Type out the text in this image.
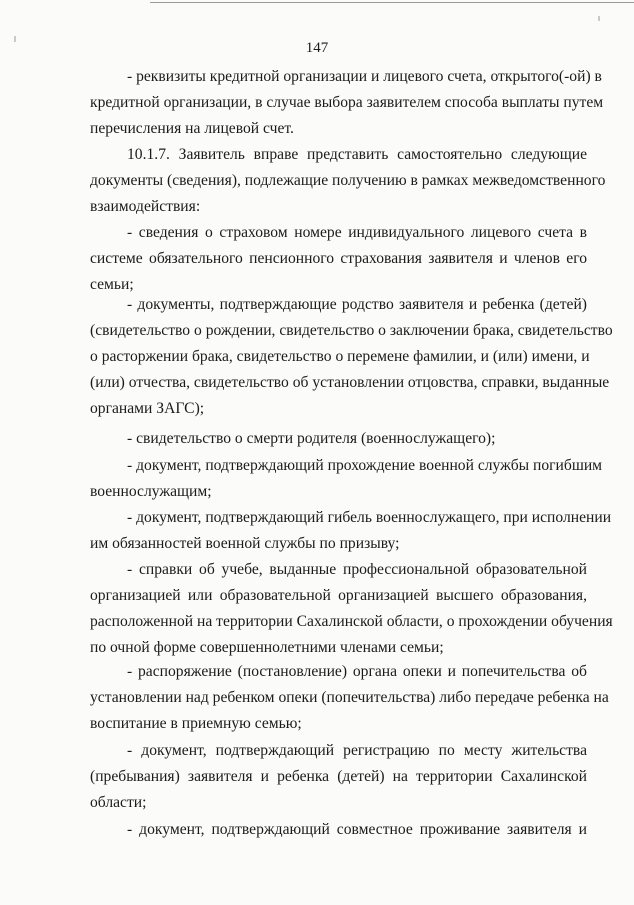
147

- реквизиты кредитной организации и лицевого счета, открытого(-ой) в
кредитной организации, в случае выбора заявителем способа выплаты путем
перечисления на лицевой счет.

10.1.7. Заявитель вправе представить самостоятельно следующие
документы (сведения), подлежащие получению в рамках межведомственного
взаимодействия:

- сведения о страховом номере индивидуального лицевого счета в
системе обязательного пенсионного страхования заявителя и членов его
семьи;

- документы, подтверждающие родство заявителя и ребенка (детей)
(свидетельство о рождении, свидетельство о заключении брака, свидетельство
о расторжении брака, свидетельство о перемене фамилии, и (или) имени, и
(или) отчества, свидетельство об установлении отцовства, справки, выданные
органами ЗАГС);

- свидетельство о смерти родителя (военнослужащего);

- документ, подтверждающий прохождение военной службы погибшим
военнослужащим;

- документ, подтверждающий гибель военнослужащего, при исполнении
им обязанностей военной службы по призыву;

- справки об учебе, выданные профессиональной образовательной
организацией или образовательной организацией высшего образования,
расположенной на территории Сахалинской области, о прохождении обучения
по очной форме совершеннолетними членами семьи;

- распоряжение (постановление) органа опеки и попечительства об
установлении над ребенком опеки (попечительства) либо передаче ребенка на
воспитание в приемную семью;

- документ, подтверждающий регистрацию по месту жительства
(пребывания) заявителя и ребенка (детей) на территории Сахалинской
области;

- документ, подтверждающий совместное проживание заявителя и
